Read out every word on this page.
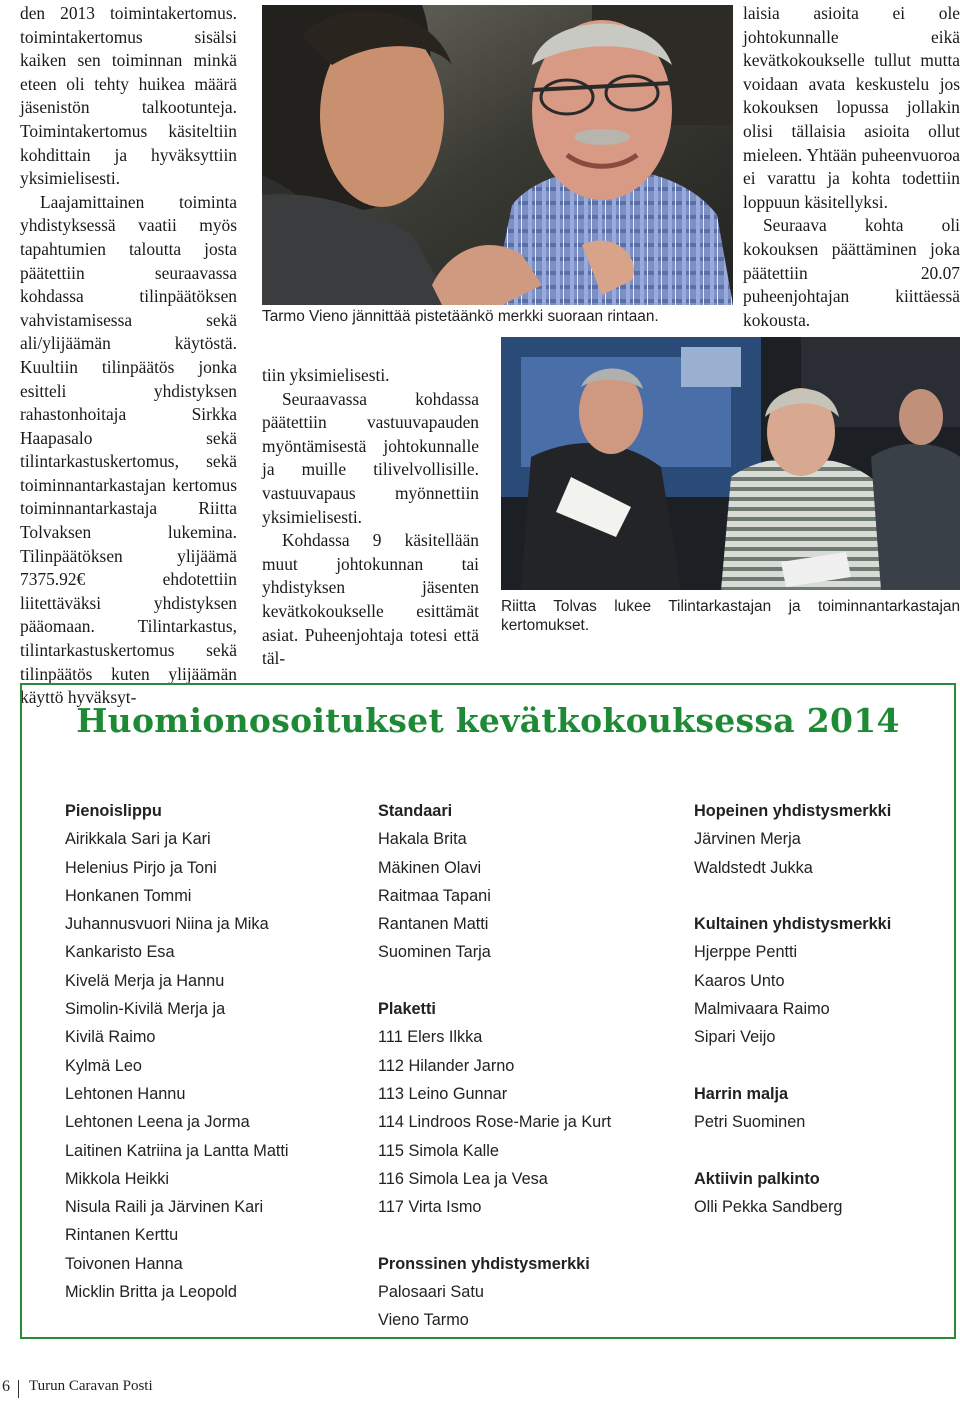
den 2013 toimintakertomus. toimintakertomus sisälsi kaiken sen toiminnan minkä eteen oli tehty huikea määrä jäsenistön talkootunteja. Toimintakertomus käsiteltiin kohdittain ja hyväksyttiin yksimielisesti.

Laajamittainen toiminta yhdistyksessä vaatii myös tapahtumien taloutta josta päätettiin seuraavassa kohdassa tilinpäätöksen vahvistamisessa sekä ali/ylijäämän käytöstä. Kuultiin tilinpäätös jonka esitteli yhdistyksen rahastonhoitaja Sirkka Haapasalo sekä tilintarkastuskertomus, sekä toiminnantarkastajan kertomus toiminnantarkastaja Riitta Tolvaksen lukemina. Tilinpäätöksen ylijäämä 7375.92€ ehdotettiin liitettäväksi yhdistyksen pääomaan. Tilintarkastus, tilintarkastuskertomus sekä tilinpäätös kuten ylijäämän käyttö hyväksyt-

Tarmo Vieno jännittää pistetäänkö merkki suoraan rintaan.

tiin yksimielisesti.

Seuraavassa kohdassa päätettiin vastuuvapauden myöntämisestä johtokunnalle ja muille tilivelvollisille. vastuuvapaus myönnettiin yksimielisesti.

Kohdassa 9 käsitellään muut johtokunnan tai yhdistyksen jäsenten kevätkokoukselle esittämät asiat. Puheenjohtaja totesi että täl-

laisia asioita ei ole johtokunnalle eikä kevätkokoukselle tullut mutta voidaan avata keskustelu jos kokouksen lopussa jollakin olisi tällaisia asioita ollut mieleen. Yhtään puheenvuoroa ei varattu ja kohta todettiin loppuun käsitellyksi.

Seuraava kohta oli kokouksen päättäminen joka päätettiin 20.07 puheenjohtajan kiittäessä kokousta.

Riitta Tolvas lukee Tilintarkastajan ja toiminnantarkastajan kertomukset.
Huomionosoitukset kevätkokouksessa 2014
Pienoislippu
Airikkala Sari ja Kari
Helenius Pirjo ja Toni
Honkanen Tommi
Juhannusvuori Niina ja Mika
Kankaristo Esa
Kivelä Merja ja Hannu
Simolin-Kivilä Merja ja
Kivilä Raimo
Kylmä Leo
Lehtonen Hannu
Lehtonen Leena ja Jorma
Laitinen Katriina ja Lantta Matti
Mikkola Heikki
Nisula Raili ja Järvinen Kari
Rintanen Kerttu
Toivonen Hanna
Micklin Britta ja Leopold
Standaari
Hakala Brita
Mäkinen Olavi
Raitmaa Tapani
Rantanen Matti
Suominen Tarja
Plaketti
111 Elers Ilkka
112 Hilander Jarno
113 Leino Gunnar
114 Lindroos Rose-Marie ja Kurt
115 Simola Kalle
116 Simola Lea ja Vesa
117 Virta Ismo
Pronssinen yhdistysmerkki
Palosaari Satu
Vieno Tarmo
Hopeinen yhdistysmerkki
Järvinen Merja
Waldstedt Jukka
Kultainen yhdistysmerkki
Hjerppe Pentti
Kaaros Unto
Malmivaara Raimo
Sipari Veijo
Harrin malja
Petri Suominen
Aktiivin palkinto
Olli Pekka Sandberg
6 Turun Caravan Posti
